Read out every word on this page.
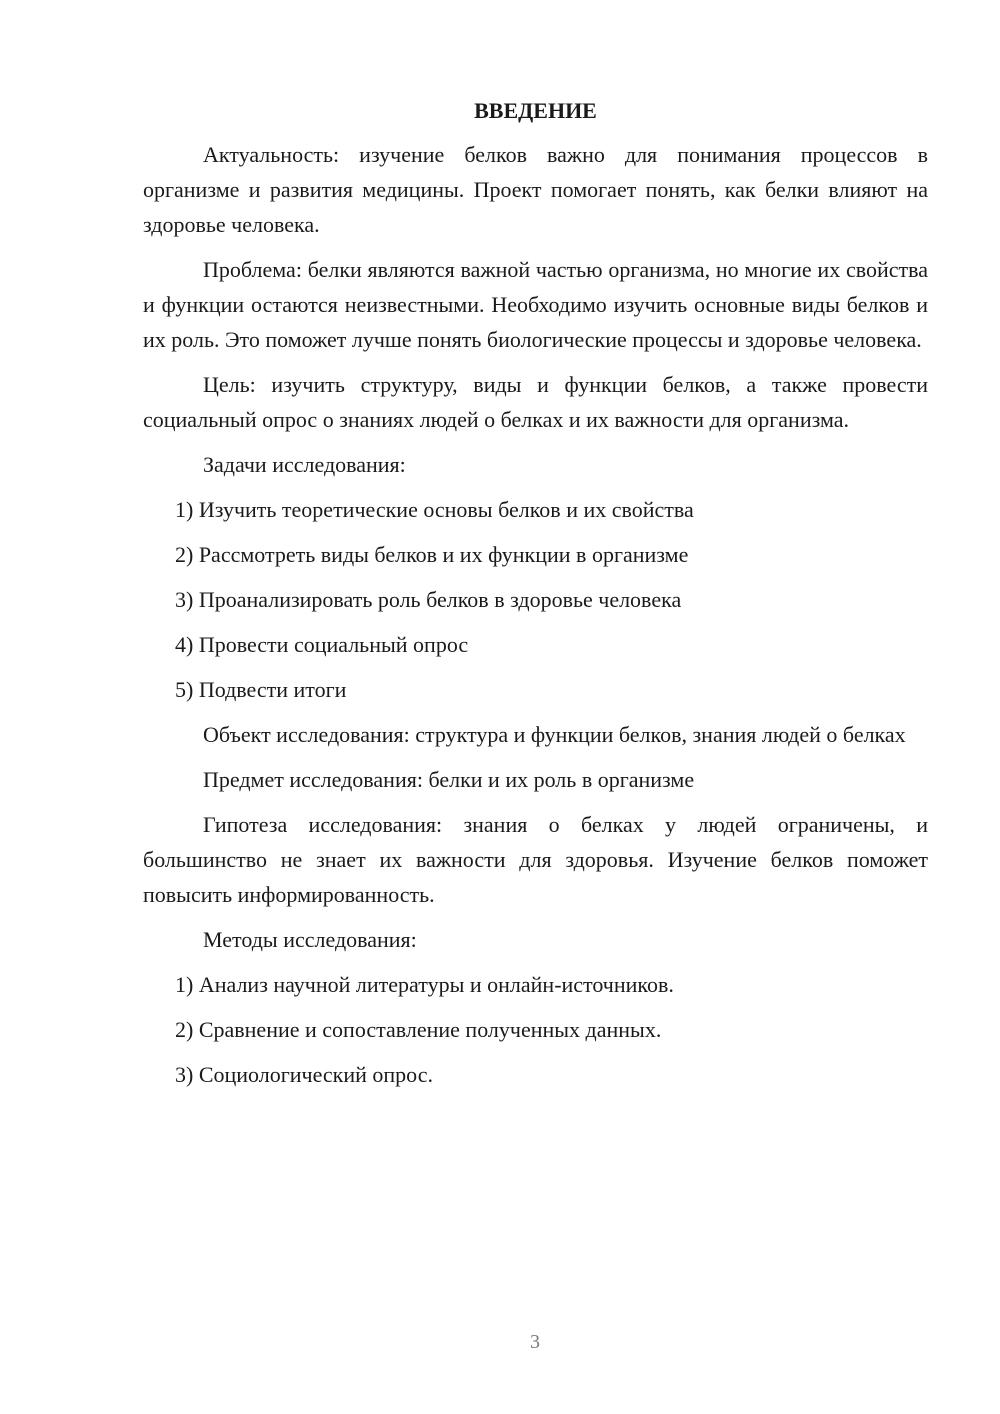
ВВЕДЕНИЕ

Актуальность: изучение белков важно для понимания процессов в организме и развития медицины. Проект помогает понять, как белки влияют на здоровье человека.

Проблема: белки являются важной частью организма, но многие их свойства и функции остаются неизвестными. Необходимо изучить основные виды белков и их роль. Это поможет лучше понять биологические процессы и здоровье человека.

Цель: изучить структуру, виды и функции белков, а также провести социальный опрос о знаниях людей о белках и их важности для организма.

Задачи исследования:

1) Изучить теоретические основы белков и их свойства
2) Рассмотреть виды белков и их функции в организме
3) Проанализировать роль белков в здоровье человека
4) Провести социальный опрос
5) Подвести итоги

Объект исследования: структура и функции белков, знания людей о белках

Предмет исследования: белки и их роль в организме

Гипотеза исследования: знания о белках у людей ограничены, и большинство не знает их важности для здоровья. Изучение белков поможет повысить информированность.

Методы исследования:

1) Анализ научной литературы и онлайн-источников.
2) Сравнение и сопоставление полученных данных.
3) Социологический опрос.
3
